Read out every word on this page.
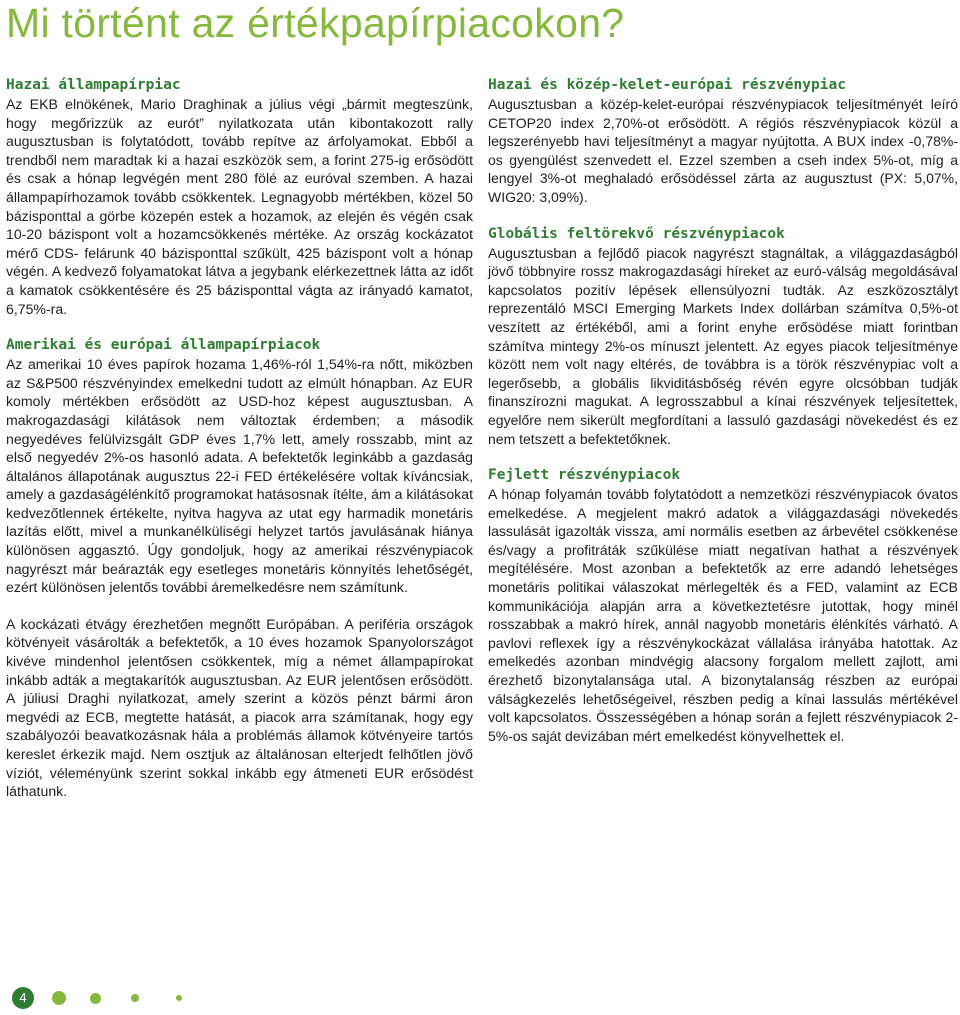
Mi történt az értékpapírpiacokon?
Hazai állampapírpiac

Az EKB elnökének, Mario Draghinak a július végi „bármit megteszünk, hogy megőrizzük az eurót” nyilatkozata után kibontakozott rally augusztusban is folytatódott, tovább repítve az árfolyamokat. Ebből a trendből nem maradtak ki a hazai eszközök sem, a forint 275-ig erősödött és csak a hónap legvégén ment 280 fölé az euróval szemben. A hazai állampapírhozamok tovább csökkentek. Legnagyobb mértékben, közel 50 bázisponttal a görbe közepén estek a hozamok, az elején és végén csak 10-20 bázispont volt a hozamcsökkenés mértéke. Az ország kockázatot mérő CDS- felárunk 40 bázisponttal szűkült, 425 bázispont volt a hónap végén. A kedvező folyamatokat látva a jegybank elérkezettnek látta az időt a kamatok csökkentésére és 25 bázisponttal vágta az irányadó kamatot, 6,75%-ra.

Amerikai és európai állampapírpiacok

Az amerikai 10 éves papírok hozama 1,46%-ról 1,54%-ra nőtt, miközben az S&P500 részvényindex emelkedni tudott az elmúlt hónapban. Az EUR komoly mértékben erősödött az USD-hoz képest augusztusban. A makrogazdasági kilátások nem változtak érdemben; a második negyedéves felülvizsgált GDP éves 1,7% lett, amely rosszabb, mint az első negyedév 2%-os hasonló adata. A befektetők leginkább a gazdaság általános állapotának augusztus 22-i FED értékelésére voltak kíváncsiak, amely a gazdaságélénkítő programokat hatásosnak ítélte, ám a kilátásokat kedvezőtlennek értékelte, nyitva hagyva az utat egy harmadik monetáris lazítás előtt, mivel a munkanélküliségi helyzet tartós javulásának hiánya különösen aggasztó. Úgy gondoljuk, hogy az amerikai részvénypiacok nagyrészt már beárazták egy esetleges monetáris könnyítés lehetőségét, ezért különösen jelentős további áremelkedésre nem számítunk.

A kockázati étvágy érezhetően megnőtt Európában. A periféria országok kötvényeit vásárolták a befektetők, a 10 éves hozamok Spanyolországot kivéve mindenhol jelentősen csökkentek, míg a német állampapírokat inkább adták a megtakarítók augusztusban. Az EUR jelentősen erősödött. A júliusi Draghi nyilatkozat, amely szerint a közös pénzt bármi áron megvédi az ECB, megtette hatását, a piacok arra számítanak, hogy egy szabályozói beavatkozásnak hála a problémás államok kötvényeire tartós kereslet érkezik majd. Nem osztjuk az általánosan elterjedt felhőtlen jövő víziót, véleményünk szerint sokkal inkább egy átmeneti EUR erősödést láthatunk.

Hazai és közép-kelet-európai részvénypiac

Augusztusban a közép-kelet-európai részvénypiacok teljesítményét leíró CETOP20 index 2,70%-ot erősödött. A régiós részvénypiacok közül a legszerényebb havi teljesítményt a magyar nyújtotta. A BUX index -0,78%-os gyengülést szenvedett el. Ezzel szemben a cseh index 5%-ot, míg a lengyel 3%-ot meghaladó erősödéssel zárta az augusztust (PX: 5,07%, WIG20: 3,09%).

Globális feltörekvő részvénypiacok

Augusztusban a fejlődő piacok nagyrészt stagnáltak, a világgazdaságból jövő többnyire rossz makrogazdasági híreket az euró-válság megoldásával kapcsolatos pozitív lépések ellensúlyozni tudták. Az eszközosztályt reprezentáló MSCI Emerging Markets Index dollárban számítva 0,5%-ot veszített az értékéből, ami a forint enyhe erősödése miatt forintban számítva mintegy 2%-os mínuszt jelentett. Az egyes piacok teljesítménye között nem volt nagy eltérés, de továbbra is a török részvénypiac volt a legerősebb, a globális likviditásbőség révén egyre olcsóbban tudják finanszírozni magukat. A legrosszabbul a kínai részvények teljesítettek, egyelőre nem sikerült megfordítani a lassuló gazdasági növekedést és ez nem tetszett a befektetőknek.

Fejlett részvénypiacok

A hónap folyamán tovább folytatódott a nemzetközi részvénypiacok óvatos emelkedése. A megjelent makró adatok a világgazdasági növekedés lassulását igazolták vissza, ami normális esetben az árbevétel csökkenése és/vagy a profitráták szűkülése miatt negatívan hathat a részvények megítélésére. Most azonban a befektetők az erre adandó lehetséges monetáris politikai válaszokat mérlegelték és a FED, valamint az ECB kommunikációja alapján arra a következtetésre jutottak, hogy minél rosszabbak a makró hírek, annál nagyobb monetáris élénkítés várható. A pavlovi reflexek így a részvénykockázat vállalása irányába hatottak. Az emelkedés azonban mindvégig alacsony forgalom mellett zajlott, ami érezhető bizonytalansága utal. A bizonytalanság részben az európai válságkezelés lehetőségeivel, részben pedig a kínai lassulás mértékével volt kapcsolatos. Összességében a hónap során a fejlett részvénypiacok 2-5%-os saját devizában mért emelkedést könyvelhettek el.

4
